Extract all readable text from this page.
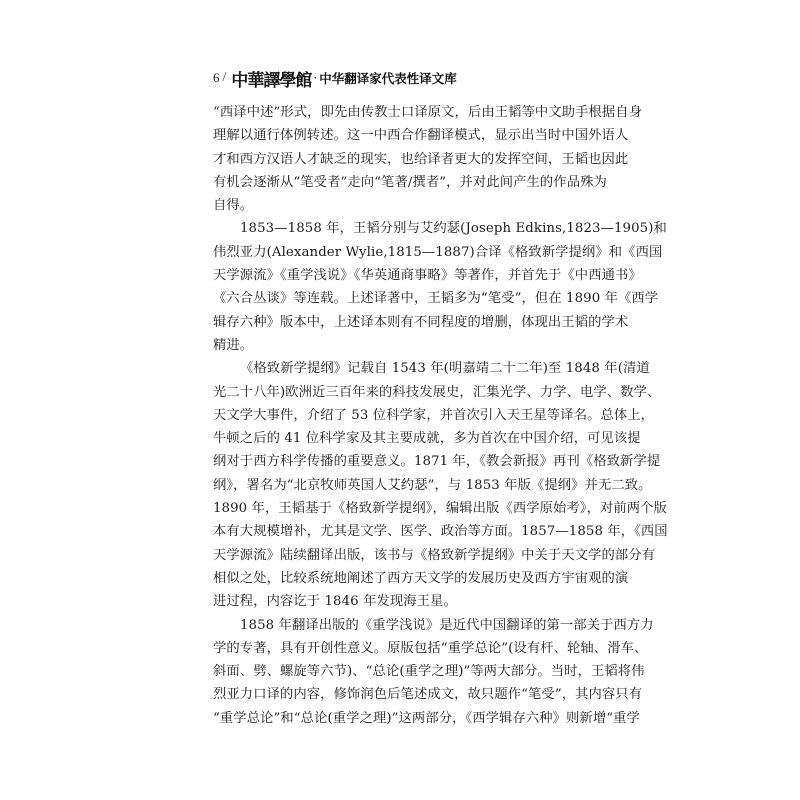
6 / 中華譯學館 · 中华翻译家代表性译文库
“西译中述”形式，即先由传教士口译原文，后由王韬等中文助手根据自身
理解以通行体例转述。这一中西合作翻译模式，显示出当时中国外语人
才和西方汉语人才缺乏的现实，也给译者更大的发挥空间，王韬也因此
有机会逐渐从“笔受者”走向“笔著/撰者”，并对此间产生的作品殊为
自得。
1853—1858 年，王韬分别与艾约瑟(Joseph Edkins,1823—1905)和
伟烈亚力(Alexander Wylie,1815—1887)合译《格致新学提纲》和《西国
天学源流》《重学浅说》《华英通商事略》等著作，并首先于《中西通书》
《六合丛谈》等连载。上述译著中，王韬多为“笔受”，但在 1890 年《西学
辑存六种》版本中，上述译本则有不同程度的增删，体现出王韬的学术
精进。
《格致新学提纲》记载自 1543 年(明嘉靖二十二年)至 1848 年(清道
光二十八年)欧洲近三百年来的科技发展史，汇集光学、力学、电学、数学、
天文学大事件，介绍了 53 位科学家，并首次引入天王星等译名。总体上，
牛顿之后的 41 位科学家及其主要成就，多为首次在中国介绍，可见该提
纲对于西方科学传播的重要意义。1871 年，《教会新报》再刊《格致新学提
纲》，署名为“北京牧师英国人艾约瑟”，与 1853 年版《提纲》并无二致。
1890 年，王韬基于《格致新学提纲》，编辑出版《西学原始考》，对前两个版
本有大规模增补，尤其是文学、医学、政治等方面。1857—1858 年，《西国
天学源流》陆续翻译出版，该书与《格致新学提纲》中关于天文学的部分有
相似之处，比较系统地阐述了西方天文学的发展历史及西方宇宙观的演
进过程，内容讫于 1846 年发现海王星。
1858 年翻译出版的《重学浅说》是近代中国翻译的第一部关于西方力
学的专著，具有开创性意义。原版包括“重学总论”(设有杆、轮轴、滑车、
斜面、劈、螺旋等六节)、“总论(重学之理)”等两大部分。当时，王韬将伟
烈亚力口译的内容，修饰润色后笔述成文，故只题作“笔受”，其内容只有
“重学总论”和“总论(重学之理)”这两部分，《西学辑存六种》则新增“重学
